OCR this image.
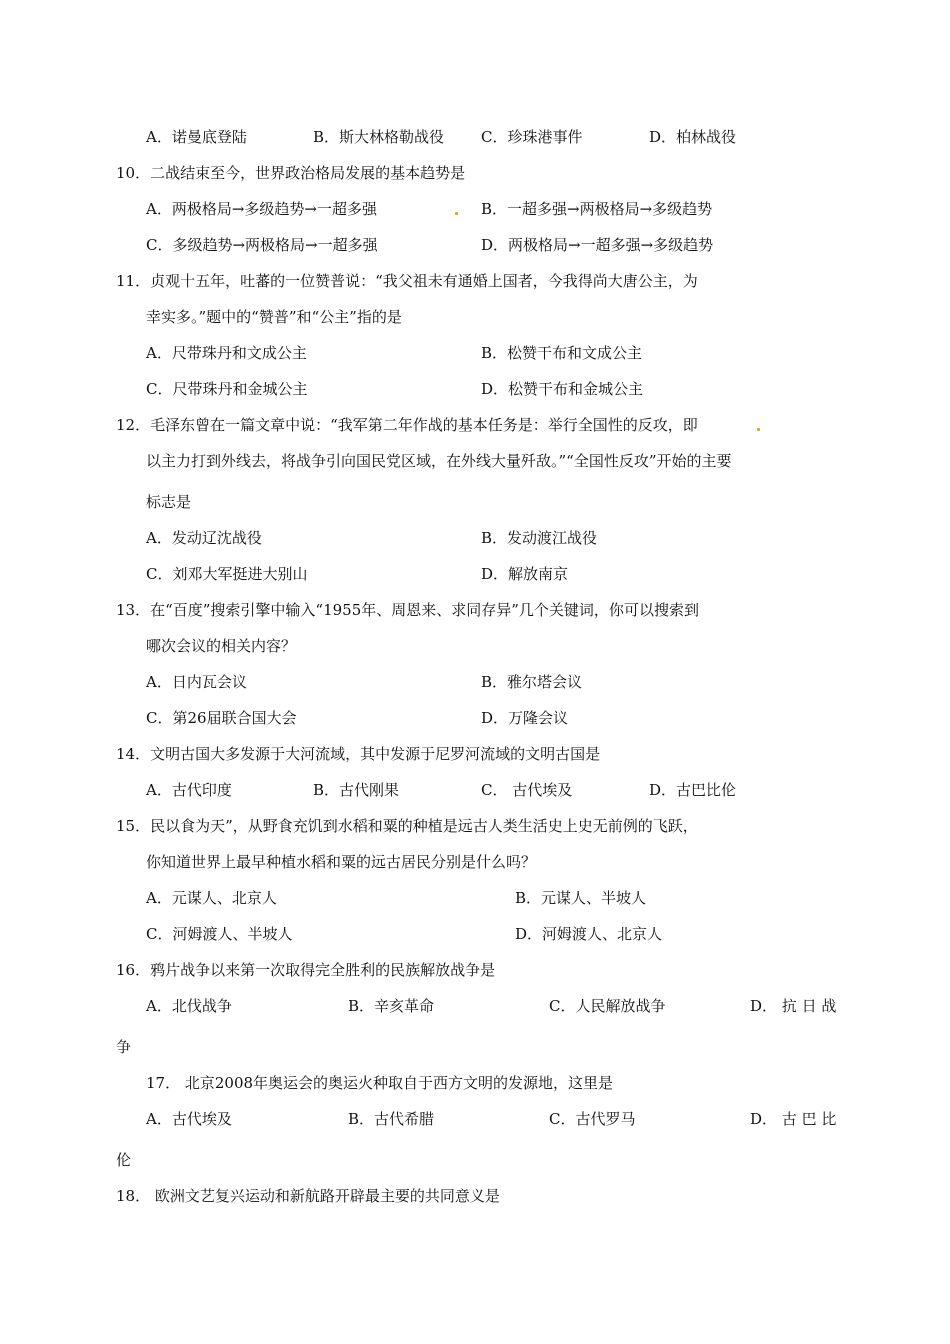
A．诺曼底登陆	B．斯大林格勒战役 C．珍珠港事件	D．柏林战役
10．二战结束至今，世界政治格局发展的基本趋势是
A．两极格局→多级趋势→一超多强	B．一超多强→两极格局→多级趋势
C．多级趋势→两极格局→一超多强	D．两极格局→一超多强→多级趋势
11．贞观十五年，吐蕃的一位赞普说：“我父祖未有通婚上国者，今我得尚大唐公主，为
幸实多。”题中的“赞普”和“公主”指的是
A．尺带珠丹和文成公主	B．松赞干布和文成公主
C．尺带珠丹和金城公主	D．松赞干布和金城公主
12．毛泽东曾在一篇文章中说：“我军第二年作战的基本任务是：举行全国性的反攻，即
以主力打到外线去，将战争引向国民党区域，在外线大量歼敌。”“全国性反攻”开始的主要
标志是
A．发动辽沈战役	B．发动渡江战役
C．刘邓大军挺进大别山	D．解放南京
13．在“百度”搜索引擎中输入“1955年、周恩来、求同存异”几个关键词，你可以搜索到
哪次会议的相关内容？
A．日内瓦会议	B．雅尔塔会议
C．第26届联合国大会	D．万隆会议
14．文明古国大多发源于大河流域，其中发源于尼罗河流域的文明古国是
A．古代印度	B．古代刚果	C． 古代埃及	D．古巴比伦
15．民以食为天”，从野食充饥到水稻和粟的种植是远古人类生活史上史无前例的飞跃，
你知道世界上最早种植水稻和粟的远古居民分别是什么吗？
A．元谋人、北京人	B．元谋人、半坡人
C．河姆渡人、半坡人	D．河姆渡人、北京人
16．鸦片战争以来第一次取得完全胜利的民族解放战争是
A．北伐战争	B．辛亥革命	C．人民解放战争	D． 抗 日 战
争
17． 北京2008年奥运会的奥运火种取自于西方文明的发源地，这里是
A．古代埃及	B．古代希腊	C．古代罗马	D． 古 巴 比
伦
18． 欧洲文艺复兴运动和新航路开辟最主要的共同意义是
